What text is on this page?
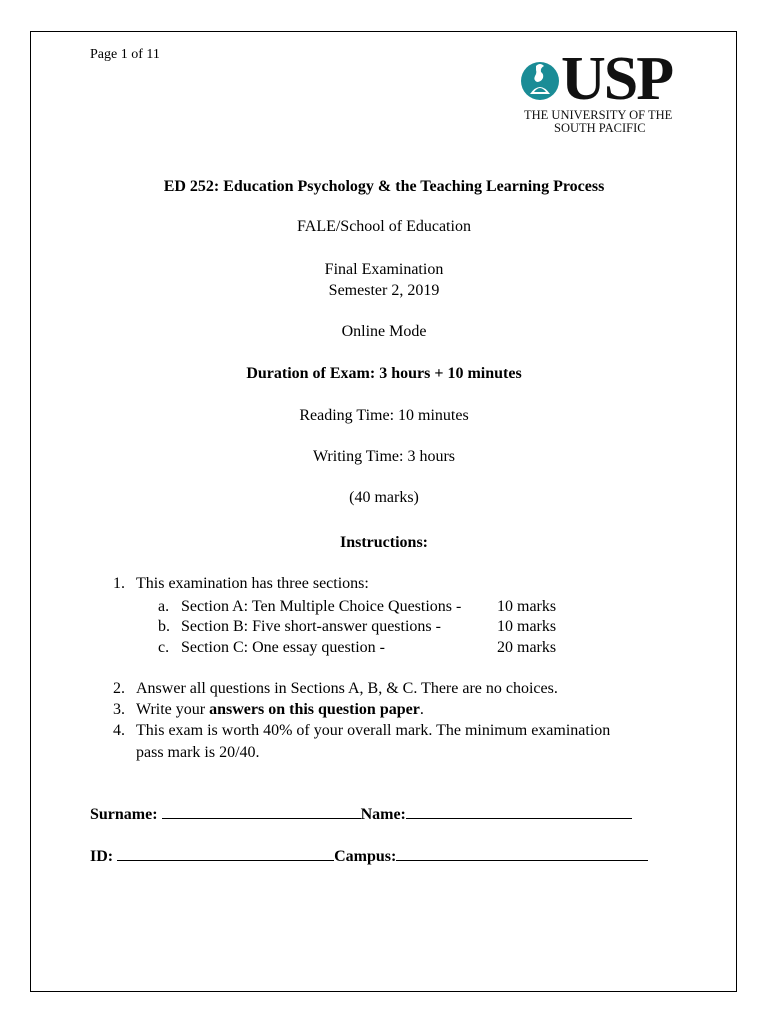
Page 1 of 11	USP
THE UNIVERSITY OF THE
SOUTH PACIFIC
ED 252: Education Psychology & the Teaching Learning Process
FALE/School of Education
Final Examination
Semester 2, 2019
Online Mode
Duration of Exam: 3 hours + 10 minutes
Reading Time: 10 minutes
Writing Time: 3 hours
(40 marks)
Instructions:
1. This examination has three sections:
a. Section A: Ten Multiple Choice Questions - 10 marks
b. Section B: Five short-answer questions -	10 marks
c. Section C: One essay question -	20 marks
2. Answer all questions in Sections A, B, & C. There are no choices.
3. Write your answers on this question paper.
4. This exam is worth 40% of your overall mark. The minimum examination
pass mark is 20/40.
Surname:	Name:
ID:	Campus:
